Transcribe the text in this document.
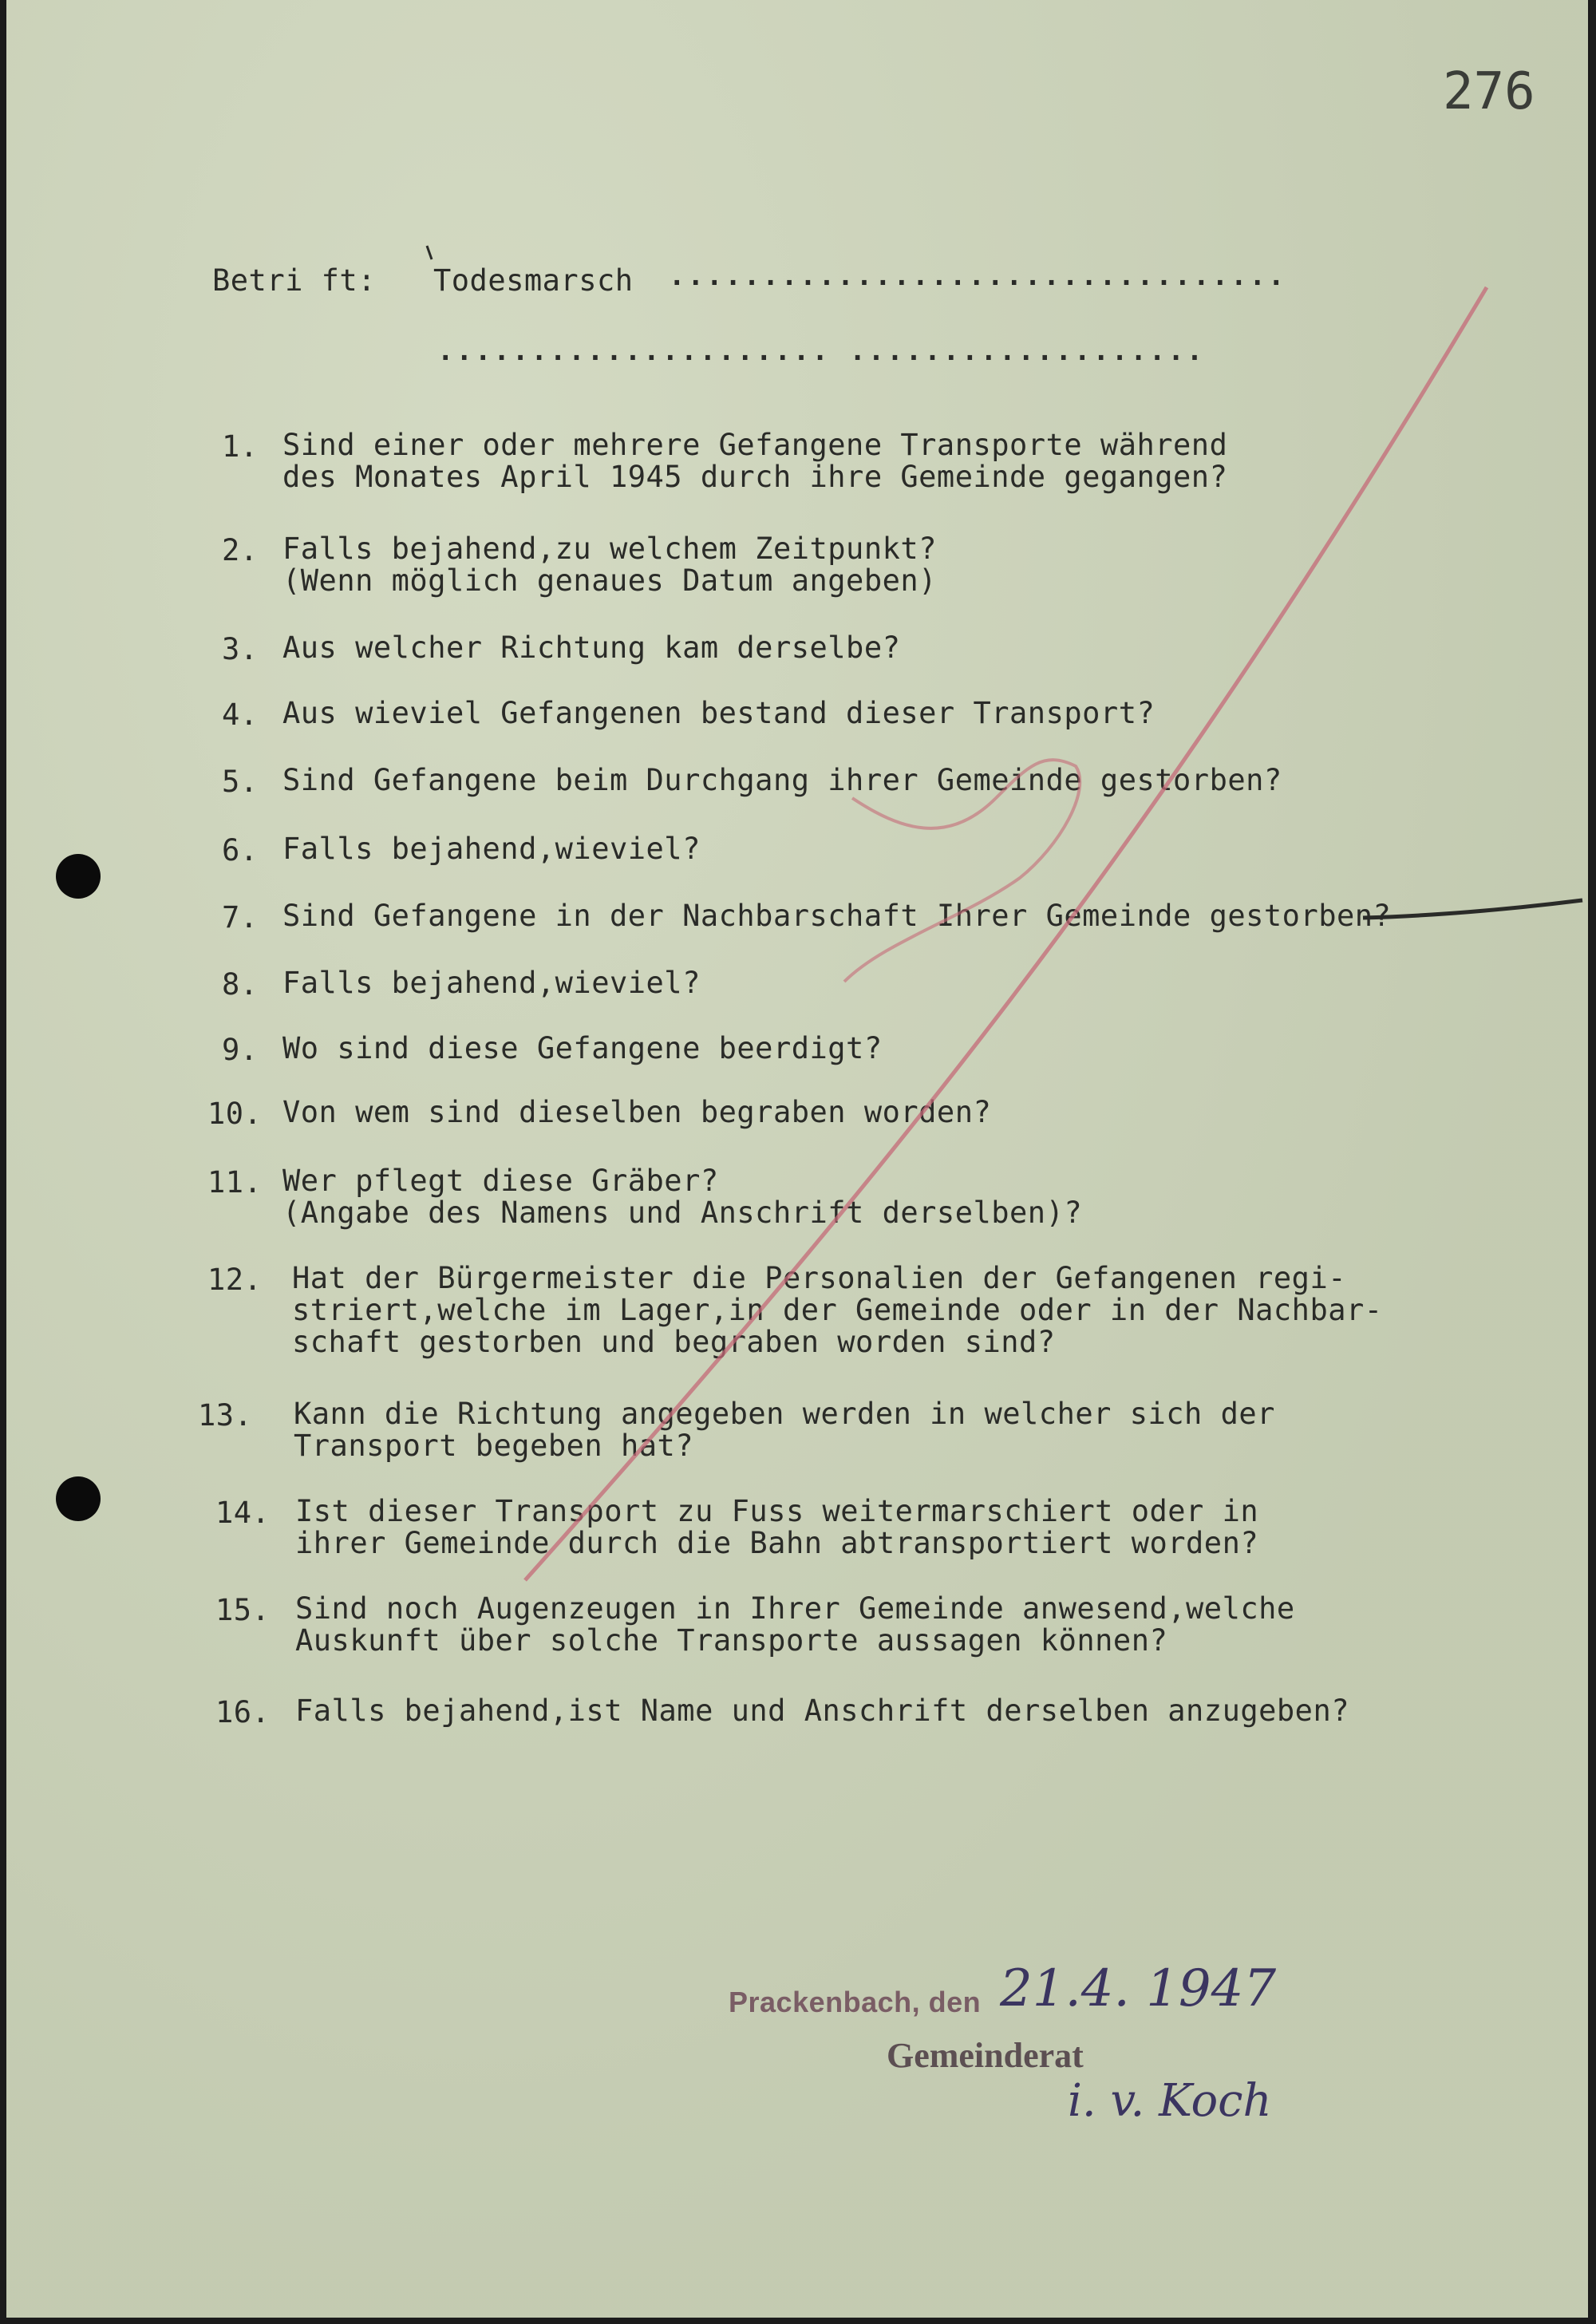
276
Betri ft: Todesmarsch .................................
..................... ...................

1.

Sind einer oder mehrere Gefangene Transporte während

des Monates April 1945 durch ihre Gemeinde gegangen?

2.

Falls bejahend,zu welchem Zeitpunkt?

(Wenn möglich genaues Datum angeben)

3.

Aus welcher Richtung kam derselbe?

4.

Aus wieviel Gefangenen bestand dieser Transport?

5.

Sind Gefangene beim Durchgang ihrer Gemeinde gestorben?

6.

Falls bejahend,wieviel?

7.

Sind Gefangene in der Nachbarschaft Ihrer Gemeinde gestorben?

8.

Falls bejahend,wieviel?

9.

Wo sind diese Gefangene beerdigt?

10.

Von wem sind dieselben begraben worden?

11.

Wer pflegt diese Gräber?

(Angabe des Namens und Anschrift derselben)?

12.

Hat der Bürgermeister die Personalien der Gefangenen regi-

striert,welche im Lager,in der Gemeinde oder in der Nachbar-

schaft gestorben und begraben worden sind?

13.

Kann die Richtung angegeben werden in welcher sich der

Transport begeben hat?

14.

Ist dieser Transport zu Fuss weitermarschiert oder in

ihrer Gemeinde durch die Bahn abtransportiert worden?

15.

Sind noch Augenzeugen in Ihrer Gemeinde anwesend,welche

Auskunft über solche Transporte aussagen können?

16.

Falls bejahend,ist Name und Anschrift derselben anzugeben?

Prackenbach, den 21.4. 1947
Gemeinderat
i. v. Koch
